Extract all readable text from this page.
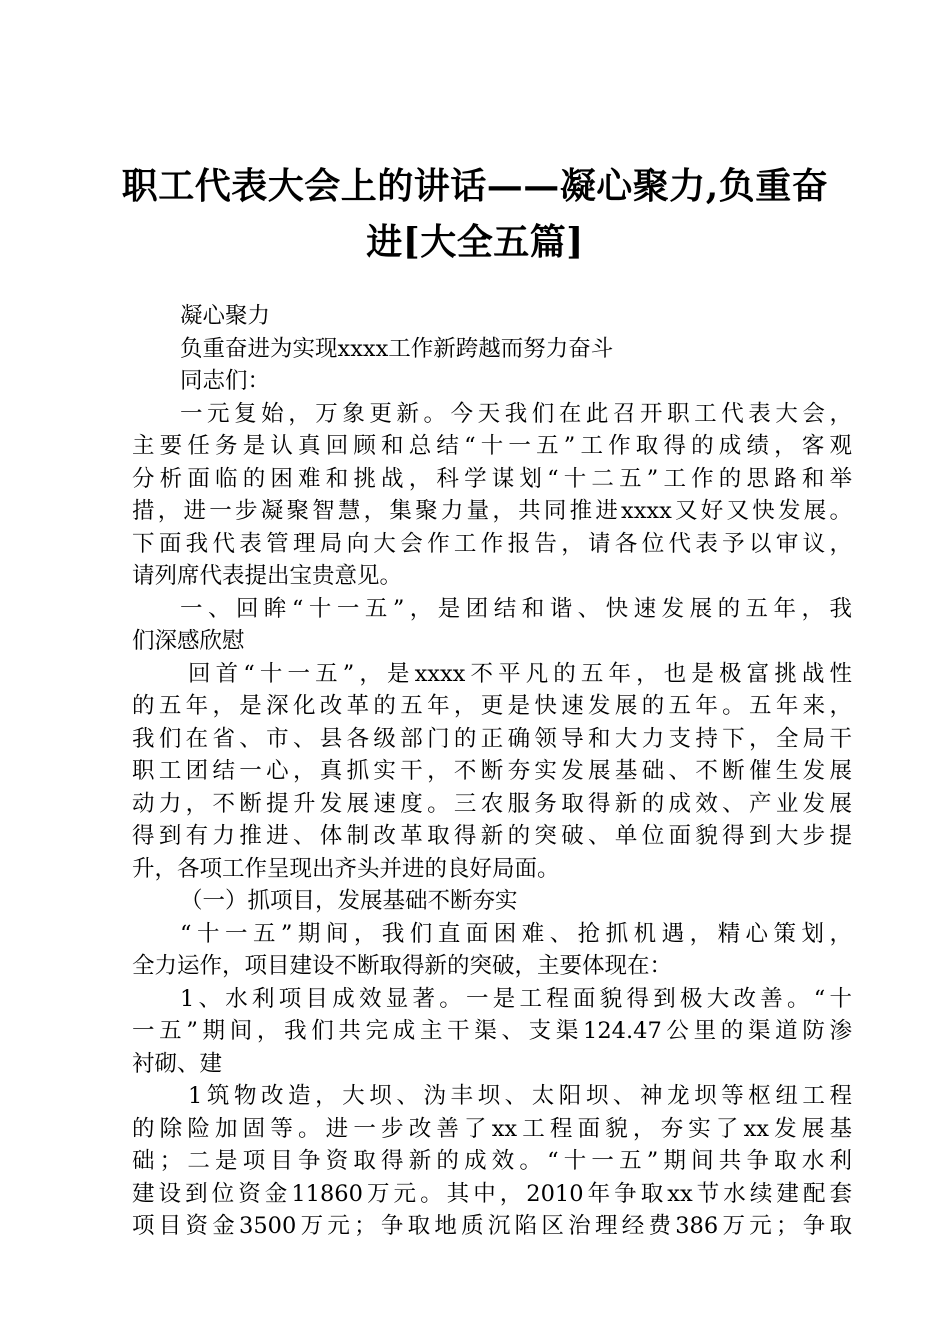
职工代表大会上的讲话——凝心聚力,负重奋
进[大全五篇]
凝心聚力
负重奋进为实现xxxx工作新跨越而努力奋斗
同志们：
一元复始，万象更新。今天我们在此召开职工代表大会，
主要任务是认真回顾和总结“十一五”工作取得的成绩，客观
分析面临的困难和挑战，科学谋划“十二五”工作的思路和举
措，进一步凝聚智慧，集聚力量，共同推进xxxx又好又快发展。
下面我代表管理局向大会作工作报告，请各位代表予以审议，
请列席代表提出宝贵意见。
一、回眸“十一五”，是团结和谐、快速发展的五年，我
们深感欣慰
回首“十一五”，是xxxx不平凡的五年，也是极富挑战性
的五年，是深化改革的五年，更是快速发展的五年。五年来，
我们在省、市、县各级部门的正确领导和大力支持下，全局干
职工团结一心，真抓实干，不断夯实发展基础、不断催生发展
动力，不断提升发展速度。三农服务取得新的成效、产业发展
得到有力推进、体制改革取得新的突破、单位面貌得到大步提
升，各项工作呈现出齐头并进的良好局面。
（一）抓项目，发展基础不断夯实
“十一五”期间，我们直面困难、抢抓机遇，精心策划，
全力运作，项目建设不断取得新的突破，主要体现在：
1、水利项目成效显著。一是工程面貌得到极大改善。“十
一五”期间，我们共完成主干渠、支渠124.47公里的渠道防渗
衬砌、建
1筑物改造，大坝、沩丰坝、太阳坝、神龙坝等枢纽工程
的除险加固等。进一步改善了xx工程面貌，夯实了xx发展基
础；二是项目争资取得新的成效。“十一五”期间共争取水利
建设到位资金11860万元。其中，2010年争取xx节水续建配套
项目资金3500万元；争取地质沉陷区治理经费386万元；争取
